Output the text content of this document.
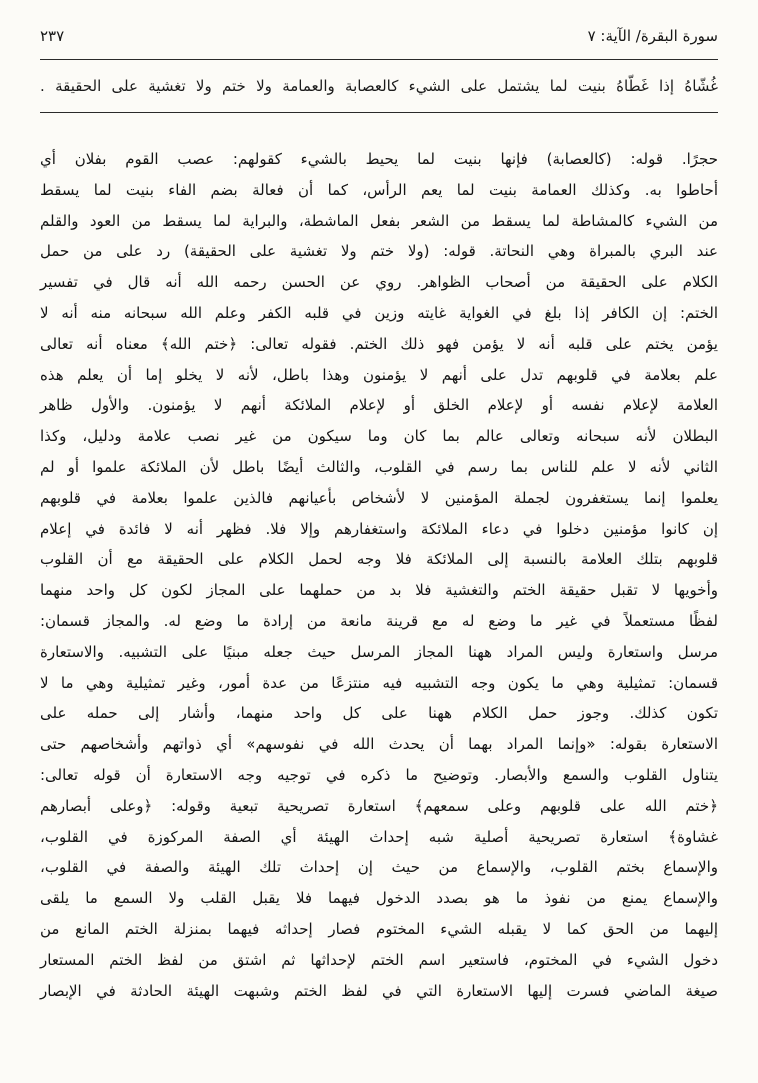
سورة البقرة/ الآية: ٧
٢٣٧
غُشّاهُ إذا غَطّاهُ بنيت لما يشتمل على الشيء كالعصابة والعمامة ولا ختم ولا تغشية على الحقيقة .
حجرًا. قوله: (كالعصابة) فإنها بنيت لما يحيط بالشيء كقولهم: عصب القوم بفلان أي
أحاطوا به. وكذلك العمامة بنيت لما يعم الرأس، كما أن فعالة بضم الفاء بنيت لما يسقط
من الشيء كالمشاطة لما يسقط من الشعر بفعل الماشطة، والبراية لما يسقط من العود والقلم
عند البري بالمبراة وهي النحاتة. قوله: (ولا ختم ولا تغشية على الحقيقة) رد على من حمل
الكلام على الحقيقة من أصحاب الظواهر. روي عن الحسن رحمه الله أنه قال في تفسير
الختم: إن الكافر إذا بلغ في الغواية غايته وزين في قلبه الكفر وعلم الله سبحانه منه أنه لا
يؤمن يختم على قلبه أنه لا يؤمن فهو ذلك الختم. فقوله تعالى: ﴿ختم الله﴾ معناه أنه تعالى
علم بعلامة في قلوبهم تدل على أنهم لا يؤمنون وهذا باطل، لأنه لا يخلو إما أن يعلم هذه
العلامة لإعلام نفسه أو لإعلام الخلق أو لإعلام الملائكة أنهم لا يؤمنون. والأول ظاهر
البطلان لأنه سبحانه وتعالى عالم بما كان وما سيكون من غير نصب علامة ودليل، وكذا
الثاني لأنه لا علم للناس بما رسم في القلوب، والثالث أيضًا باطل لأن الملائكة علموا أو لم
يعلموا إنما يستغفرون لجملة المؤمنين لا لأشخاص بأعيانهم فالذين علموا بعلامة في قلوبهم
إن كانوا مؤمنين دخلوا في دعاء الملائكة واستغفارهم وإلا فلا. فظهر أنه لا فائدة في إعلام
قلوبهم بتلك العلامة بالنسبة إلى الملائكة فلا وجه لحمل الكلام على الحقيقة مع أن القلوب
وأخويها لا تقبل حقيقة الختم والتغشية فلا بد من حملهما على المجاز لكون كل واحد منهما
لفظًا مستعملاً في غير ما وضع له مع قرينة مانعة من إرادة ما وضع له. والمجاز قسمان:
مرسل واستعارة وليس المراد ههنا المجاز المرسل حيث جعله مبنيًا على التشبيه. والاستعارة
قسمان: تمثيلية وهي ما يكون وجه التشبيه فيه منتزعًا من عدة أمور، وغير تمثيلية وهي ما لا
تكون كذلك. وجوز حمل الكلام ههنا على كل واحد منهما، وأشار إلى حمله على
الاستعارة بقوله: «وإنما المراد بهما أن يحدث الله في نفوسهم» أي ذواتهم وأشخاصهم حتى
يتناول القلوب والسمع والأبصار. وتوضيح ما ذكره في توجيه وجه الاستعارة أن قوله تعالى:
﴿ختم الله على قلوبهم وعلى سمعهم﴾ استعارة تصريحية تبعية وقوله: ﴿وعلى أبصارهم
غشاوة﴾ استعارة تصريحية أصلية شبه إحداث الهيئة أي الصفة المركوزة في القلوب،
والإسماع بختم القلوب، والإسماع من حيث إن إحداث تلك الهيئة والصفة في القلوب،
والإسماع يمنع من نفوذ ما هو بصدد الدخول فيهما فلا يقبل القلب ولا السمع ما يلقى
إليهما من الحق كما لا يقبله الشيء المختوم فصار إحداثه فيهما بمنزلة الختم المانع من
دخول الشيء في المختوم، فاستعير اسم الختم لإحداثها ثم اشتق من لفظ الختم المستعار
صيغة الماضي فسرت إليها الاستعارة التي في لفظ الختم وشبهت الهيئة الحادثة في الإبصار
